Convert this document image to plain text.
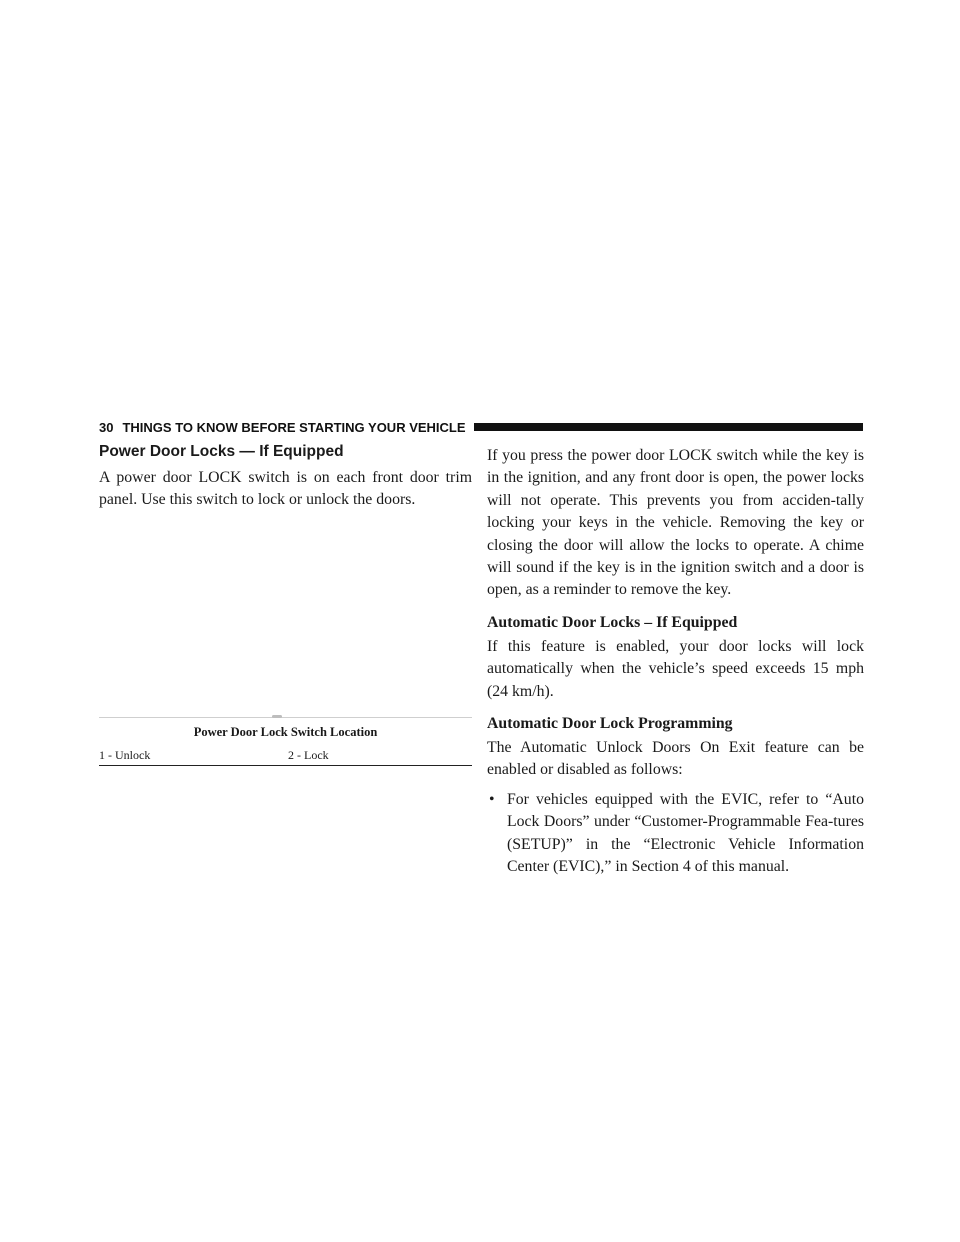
30 THINGS TO KNOW BEFORE STARTING YOUR VEHICLE
Power Door Locks — If Equipped

A power door LOCK switch is on each front door trim panel. Use this switch to lock or unlock the doors.

Power Door Lock Switch Location
1 - Unlock	2 - Lock

If you press the power door LOCK switch while the key is in the ignition, and any front door is open, the power locks will not operate. This prevents you from acciden-tally locking your keys in the vehicle. Removing the key or closing the door will allow the locks to operate. A chime will sound if the key is in the ignition switch and a door is open, as a reminder to remove the key.

Automatic Door Locks – If Equipped

If this feature is enabled, your door locks will lock automatically when the vehicle’s speed exceeds 15 mph (24 km/h).

Automatic Door Lock Programming

The Automatic Unlock Doors On Exit feature can be enabled or disabled as follows:

• For vehicles equipped with the EVIC, refer to “Auto Lock Doors” under “Customer-Programmable Fea-tures (SETUP)” in the “Electronic Vehicle Information Center (EVIC),” in Section 4 of this manual.
